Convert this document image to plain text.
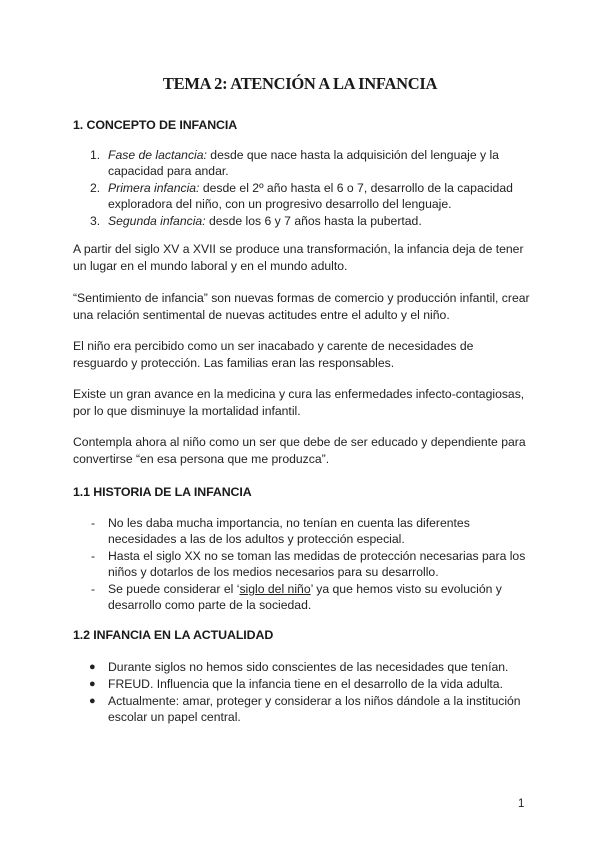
TEMA 2: ATENCIÓN A LA INFANCIA
1. CONCEPTO DE INFANCIA
1. Fase de lactancia: desde que nace hasta la adquisición del lenguaje y la
capacidad para andar.
2. Primera infancia: desde el 2º año hasta el 6 o 7, desarrollo de la capacidad
exploradora del niño, con un progresivo desarrollo del lenguaje.
3. Segunda infancia: desde los 6 y 7 años hasta la pubertad.

A partir del siglo XV a XVII se produce una transformación, la infancia deja de tener
un lugar en el mundo laboral y en el mundo adulto.

“Sentimiento de infancia” son nuevas formas de comercio y producción infantil, crear
una relación sentimental de nuevas actitudes entre el adulto y el niño.

El niño era percibido como un ser inacabado y carente de necesidades de
resguardo y protección. Las familias eran las responsables.

Existe un gran avance en la medicina y cura las enfermedades infecto-contagiosas,
por lo que disminuye la mortalidad infantil.

Contempla ahora al niño como un ser que debe de ser educado y dependiente para
convertirse “en esa persona que me produzca”.

1.1 HISTORIA DE LA INFANCIA
- No les daba mucha importancia, no tenían en cuenta las diferentes
necesidades a las de los adultos y protección especial.
- Hasta el siglo XX no se toman las medidas de protección necesarias para los
niños y dotarlos de los medios necesarios para su desarrollo.
- Se puede considerar el ‘siglo del niño’ ya que hemos visto su evolución y
desarrollo como parte de la sociedad.
1.2 INFANCIA EN LA ACTUALIDAD
● Durante siglos no hemos sido conscientes de las necesidades que tenían.
● FREUD. Influencia que la infancia tiene en el desarrollo de la vida adulta.
● Actualmente: amar, proteger y considerar a los niños dándole a la institución
escolar un papel central.
1
